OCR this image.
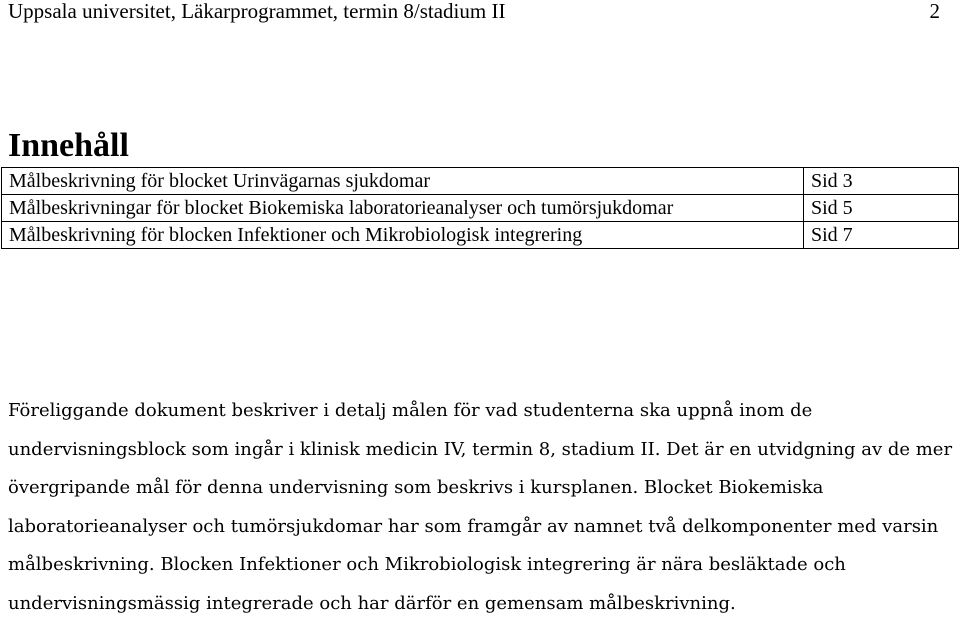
Uppsala universitet, Läkarprogrammet, termin 8/stadium II	2
Innehåll
Målbeskrivning för blocket Urinvägarnas sjukdomar	Sid 3
Målbeskrivningar för blocket Biokemiska laboratorieanalyser och tumörsjukdomar	Sid 5
Målbeskrivning för blocken Infektioner och Mikrobiologisk integrering	Sid 7

Föreliggande dokument beskriver i detalj målen för vad studenterna ska uppnå inom de
undervisningsblock som ingår i klinisk medicin IV, termin 8, stadium II. Det är en utvidgning av de mer
övergripande mål för denna undervisning som beskrivs i kursplanen. Blocket Biokemiska
laboratorieanalyser och tumörsjukdomar har som framgår av namnet två delkomponenter med varsin
målbeskrivning. Blocken Infektioner och Mikrobiologisk integrering är nära besläktade och
undervisningsmässig integrerade och har därför en gemensam målbeskrivning.
